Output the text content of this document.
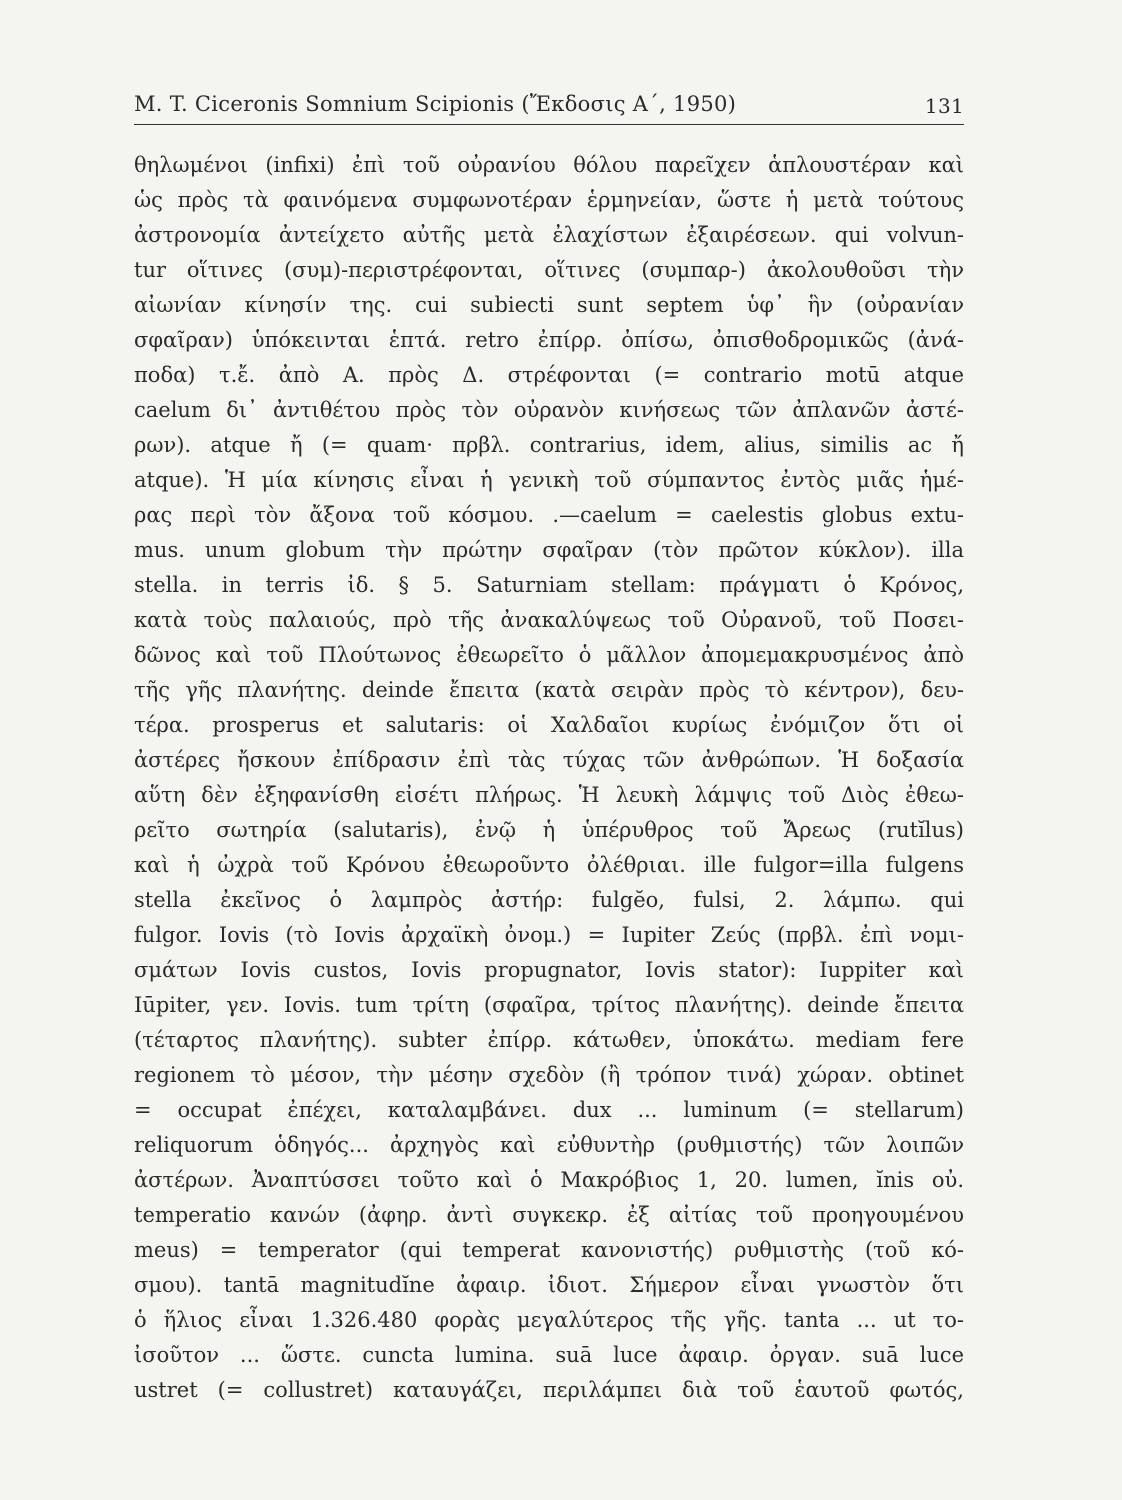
M. T. Ciceronis Somnium Scipionis (Ἔκδοσις Α΄, 1950)	131
θηλωμένοι (infixi) ἐπὶ τοῦ οὐρανίου θόλου παρεῖχεν ἁπλουστέραν καὶ
ὡς πρὸς τὰ φαινόμενα συμφωνοτέραν ἑρμηνείαν, ὥστε ἡ μετὰ τούτους
ἀστρονομία ἀντείχετο αὐτῆς μετὰ ἐλαχίστων ἐξαιρέσεων. qui volvun-
tur οἵτινες (συμ)-περιστρέφονται, οἵτινες (συμπαρ-) ἀκολουθοῦσι τὴν
αἰωνίαν κίνησίν της. cui subiecti sunt septem ὑφ᾽ ἣν (οὐρανίαν
σφαῖραν) ὑπόκεινται ἑπτά. retro ἐπίρρ. ὀπίσω, ὀπισθοδρομικῶς (ἀνά-
ποδα) τ.ἔ. ἀπὸ Α. πρὸς Δ. στρέφονται (= contrario motū atque
caelum δι᾽ ἀντιθέτου πρὸς τὸν οὐρανὸν κινήσεως τῶν ἀπλανῶν ἀστέ-
ρων). atque ἤ (= quam· πρβλ. contrarius, idem, alius, similis ac ἤ
atque). Ἡ μία κίνησις εἶναι ἡ γενικὴ τοῦ σύμπαντος ἐντὸς μιᾶς ἡμέ-
ρας περὶ τὸν ἄξονα τοῦ κόσμου. .—caelum = caelestis globus extu-
mus. unum globum τὴν πρώτην σφαῖραν (τὸν πρῶτον κύκλον). illa
stella. in terris ἰδ. § 5. Saturniam stellam: πράγματι ὁ Κρόνος,
κατὰ τοὺς παλαιούς, πρὸ τῆς ἀνακαλύψεως τοῦ Οὐρανοῦ, τοῦ Ποσει-
δῶνος καὶ τοῦ Πλούτωνος ἐθεωρεῖτο ὁ μᾶλλον ἀπομεμακρυσμένος ἀπὸ
τῆς γῆς πλανήτης. deinde ἔπειτα (κατὰ σειρὰν πρὸς τὸ κέντρον), δευ-
τέρα. prosperus et salutaris: οἱ Χαλδαῖοι κυρίως ἐνόμιζον ὅτι οἱ
ἀστέρες ἤσκουν ἐπίδρασιν ἐπὶ τὰς τύχας τῶν ἀνθρώπων. Ἡ δοξασία
αὕτη δὲν ἐξηφανίσθη εἰσέτι πλήρως. Ἡ λευκὴ λάμψις τοῦ Διὸς ἐθεω-
ρεῖτο σωτηρία (salutaris), ἐνῷ ἡ ὑπέρυθρος τοῦ Ἄρεως (rutĭlus)
καὶ ἡ ὠχρὰ τοῦ Κρόνου ἐθεωροῦντο ὀλέθριαι. ille fulgor=illa fulgens
stella ἐκεῖνος ὁ λαμπρὸς ἀστήρ: fulgĕo, fulsi, 2. λάμπω. qui
fulgor. Iovis (τὸ Iovis ἀρχαϊκὴ ὀνομ.) = Iupiter Ζεύς (πρβλ. ἐπὶ νομι-
σμάτων Iovis custos, Iovis propugnator, Iovis stator): Iuppiter καὶ
Iūpiter, γεν. Iovis. tum τρίτη (σφαῖρα, τρίτος πλανήτης). deinde ἔπειτα
(τέταρτος πλανήτης). subter ἐπίρρ. κάτωθεν, ὑποκάτω. mediam fere
regionem τὸ μέσον, τὴν μέσην σχεδὸν (ἢ τρόπον τινά) χώραν. obtinet
= occupat ἐπέχει, καταλαμβάνει. dux ... luminum (= stellarum)
reliquorum ὁδηγός... ἀρχηγὸς καὶ εὐθυντὴρ (ρυθμιστής) τῶν λοιπῶν
ἀστέρων. Ἀναπτύσσει τοῦτο καὶ ὁ Μακρόβιος 1, 20. lumen, ĭnis οὐ.
temperatio κανών (ἀφηρ. ἀντὶ συγκεκρ. ἐξ αἰτίας τοῦ προηγουμένου
meus) = temperator (qui temperat κανονιστής) ρυθμιστὴς (τοῦ κό-
σμου). tantā magnitudĭne ἀφαιρ. ἰδιοτ. Σήμερον εἶναι γνωστὸν ὅτι
ὁ ἥλιος εἶναι 1.326.480 φορὰς μεγαλύτερος τῆς γῆς. tanta ... ut το-
ἰσοῦτον ... ὥστε. cuncta lumina. suā luce ἀφαιρ. ὀργαν. suā luce
ustret (= collustret) καταυγάζει, περιλάμπει διὰ τοῦ ἑαυτοῦ φωτός,
